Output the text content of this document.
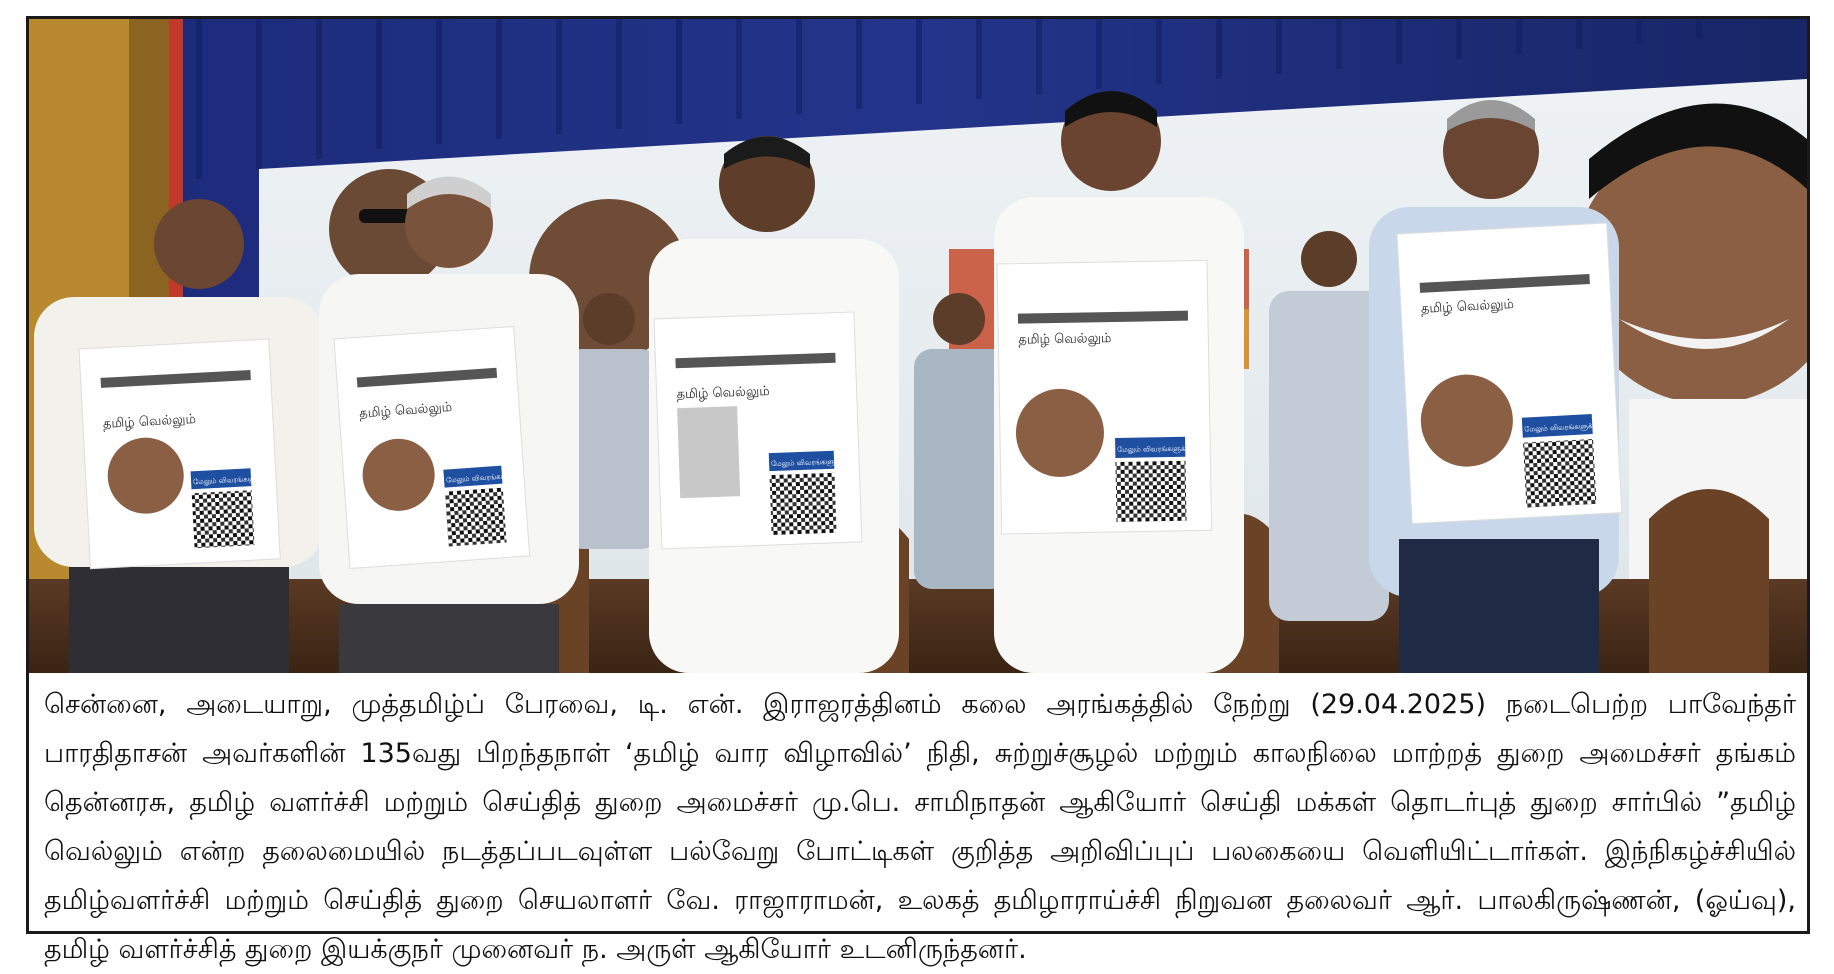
தமிழ் வெல்லும்
மேலும் விவரங்களுக்கு
தமிழ் வெல்லும்
மேலும் விவரங்களுக்கு
தமிழ் வெல்லும்
மேலும் விவரங்களுக்கு
தமிழ் வெல்லும்
மேலும் விவரங்களுக்கு
தமிழ் வெல்லும்
மேலும் விவரங்களுக்கு

சென்னை, அடையாறு, முத்தமிழ்ப் பேரவை, டி. என். இராஜரத்தினம் கலை அரங்கத்தில் நேற்று (29.04.2025) நடைபெற்ற பாவேந்தர் பாரதிதாசன் அவர்களின் 135வது பிறந்தநாள் ‘தமிழ் வார விழாவில்’ நிதி, சுற்றுச்சூழல் மற்றும் காலநிலை மாற்றத் துறை அமைச்சர் தங்கம் தென்னரசு, தமிழ் வளர்ச்சி மற்றும் செய்தித் துறை அமைச்சர் மு.பெ. சாமிநாதன் ஆகியோர் செய்தி மக்கள் தொடர்புத் துறை சார்பில் ”தமிழ் வெல்லும் என்ற தலைமையில் நடத்தப்படவுள்ள பல்வேறு போட்டிகள் குறித்த அறிவிப்புப் பலகையை வெளியிட்டார்கள். இந்நிகழ்ச்சியில் தமிழ்வளர்ச்சி மற்றும் செய்தித் துறை செயலாளர் வே. ராஜாராமன், உலகத் தமிழாராய்ச்சி நிறுவன தலைவர் ஆர். பாலகிருஷ்ணன், (ஓய்வு), தமிழ் வளர்ச்சித் துறை இயக்குநர் முனைவர் ந. அருள் ஆகியோர் உடனிருந்தனர்.
